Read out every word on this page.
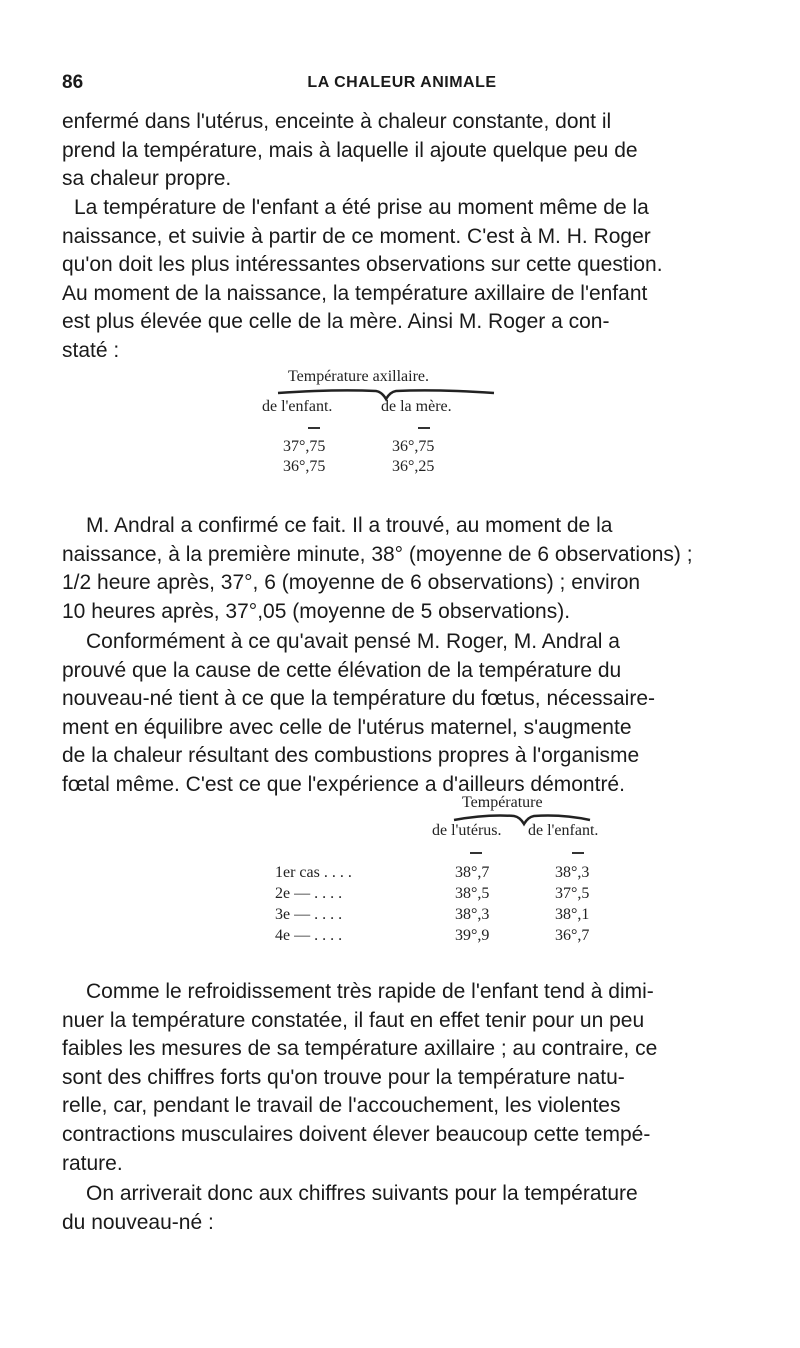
86	LA CHALEUR ANIMALE
enfermé dans l'utérus, enceinte à chaleur constante, dont il
prend la température, mais à laquelle il ajoute quelque peu de
sa chaleur propre.
La température de l'enfant a été prise au moment même de la
naissance, et suivie à partir de ce moment. C'est à M. H. Roger
qu'on doit les plus intéressantes observations sur cette question.
Au moment de la naissance, la température axillaire de l'enfant
est plus élevée que celle de la mère. Ainsi M. Roger a con-
staté :
Température axillaire.
de l'enfant.	de la mère.
37°,75	36°,75
36°,75	36°,25
M. Andral a confirmé ce fait. Il a trouvé, au moment de la
naissance, à la première minute, 38° (moyenne de 6 observations) ;
1/2 heure après, 37°, 6 (moyenne de 6 observations) ; environ
10 heures après, 37°,05 (moyenne de 5 observations).
Conformément à ce qu'avait pensé M. Roger, M. Andral a
prouvé que la cause de cette élévation de la température du
nouveau-né tient à ce que la température du fœtus, nécessaire-
ment en équilibre avec celle de l'utérus maternel, s'augmente
de la chaleur résultant des combustions propres à l'organisme
fœtal même. C'est ce que l'expérience a d'ailleurs démontré.
Température
de l'utérus. de l'enfant.
1er cas . . . .	38°,7	38°,3
2e — . . . .	38°,5	37°,5
3e — . . . .	38°,3	38°,1
4e — . . . .	39°,9	36°,7
Comme le refroidissement très rapide de l'enfant tend à dimi-
nuer la température constatée, il faut en effet tenir pour un peu
faibles les mesures de sa température axillaire ; au contraire, ce
sont des chiffres forts qu'on trouve pour la température natu-
relle, car, pendant le travail de l'accouchement, les violentes
contractions musculaires doivent élever beaucoup cette tempé-
rature.
On arriverait donc aux chiffres suivants pour la température
du nouveau-né :
